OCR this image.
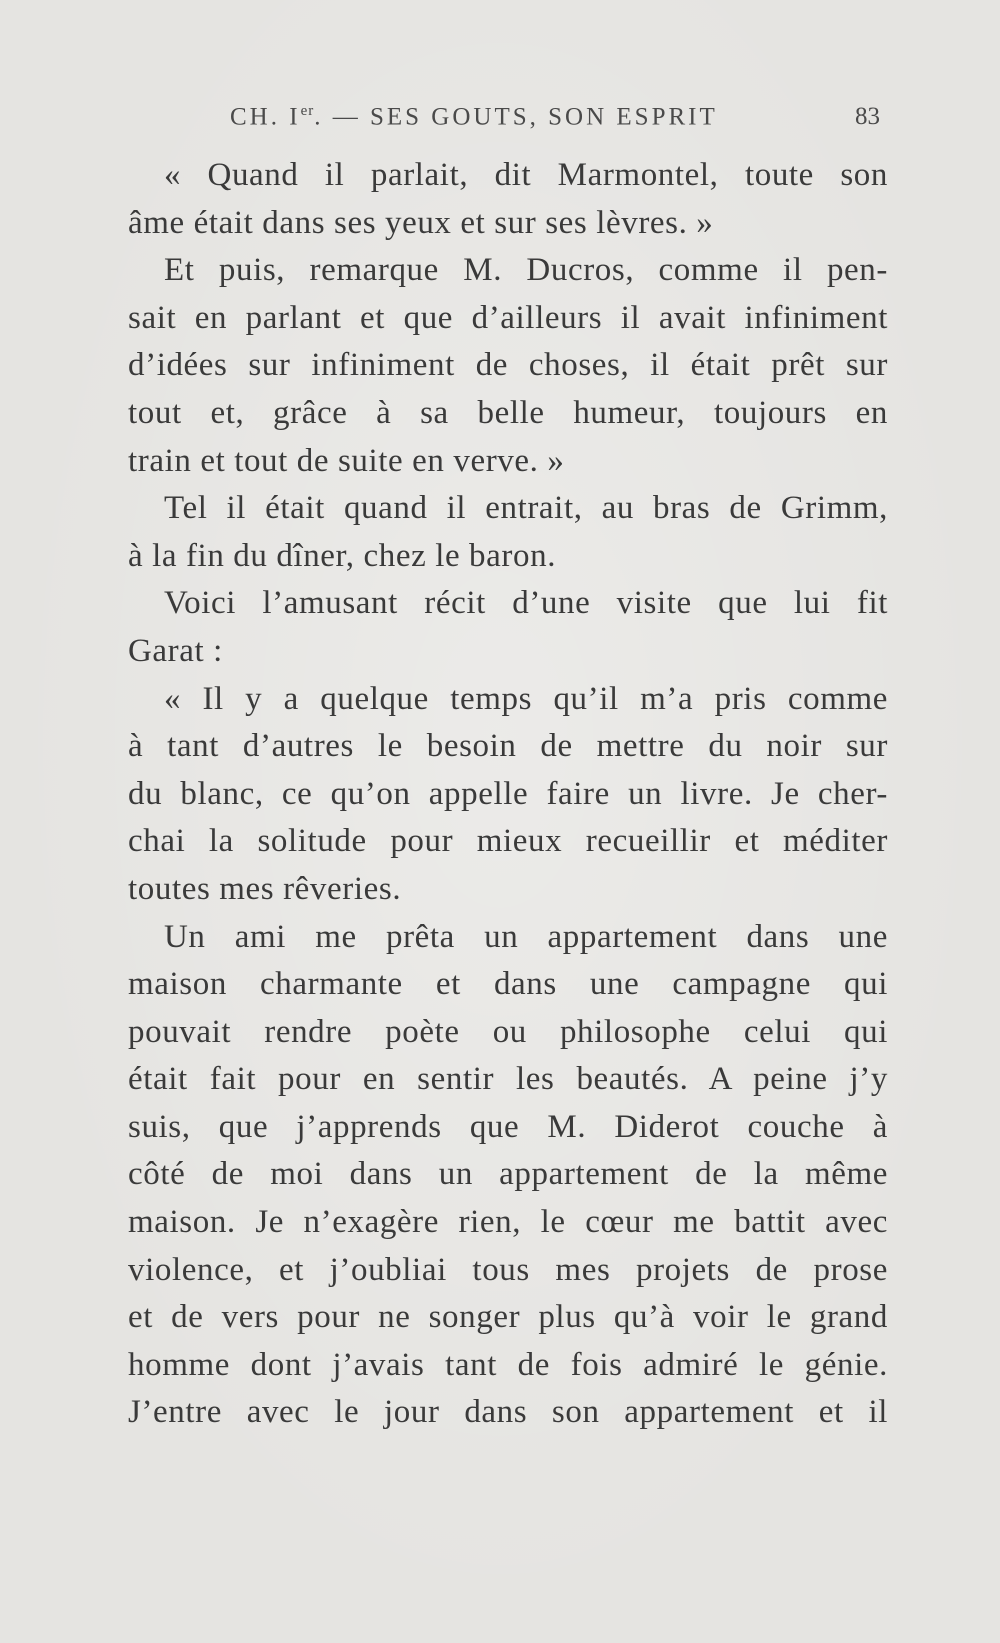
CH. Ier. — SES GOUTS, SON ESPRIT	83
« Quand il parlait, dit Marmontel, toute son
âme était dans ses yeux et sur ses lèvres. »
Et puis, remarque M. Ducros, comme il pen-
sait en parlant et que d’ailleurs il avait infiniment
d’idées sur infiniment de choses, il était prêt sur
tout et, grâce à sa belle humeur, toujours en
train et tout de suite en verve. »
Tel il était quand il entrait, au bras de Grimm,
à la fin du dîner, chez le baron.
Voici l’amusant récit d’une visite que lui fit
Garat :
« Il y a quelque temps qu’il m’a pris comme
à tant d’autres le besoin de mettre du noir sur
du blanc, ce qu’on appelle faire un livre. Je cher-
chai la solitude pour mieux recueillir et méditer
toutes mes rêveries.
Un ami me prêta un appartement dans une
maison charmante et dans une campagne qui
pouvait rendre poète ou philosophe celui qui
était fait pour en sentir les beautés. A peine j’y
suis, que j’apprends que M. Diderot couche à
côté de moi dans un appartement de la même
maison. Je n’exagère rien, le cœur me battit avec
violence, et j’oubliai tous mes projets de prose
et de vers pour ne songer plus qu’à voir le grand
homme dont j’avais tant de fois admiré le génie.
J’entre avec le jour dans son appartement et il
